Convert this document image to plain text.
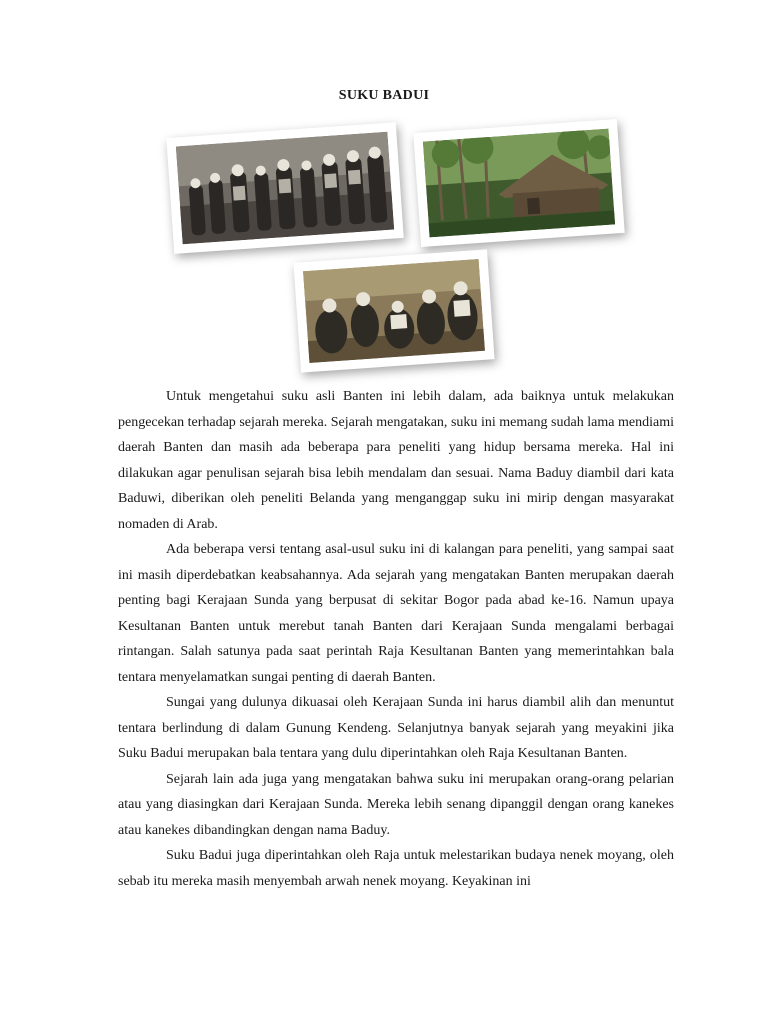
SUKU BADUI

Untuk mengetahui suku asli Banten ini lebih dalam, ada baiknya untuk melakukan pengecekan terhadap sejarah mereka. Sejarah mengatakan, suku ini memang sudah lama mendiami daerah Banten dan masih ada beberapa para peneliti yang hidup bersama mereka. Hal ini dilakukan agar penulisan sejarah bisa lebih mendalam dan sesuai. Nama Baduy diambil dari kata Baduwi, diberikan oleh peneliti Belanda yang menganggap suku ini mirip dengan masyarakat nomaden di Arab.

Ada beberapa versi tentang asal-usul suku ini di kalangan para peneliti, yang sampai saat ini masih diperdebatkan keabsahannya. Ada sejarah yang mengatakan Banten merupakan daerah penting bagi Kerajaan Sunda yang berpusat di sekitar Bogor pada abad ke-16. Namun upaya Kesultanan Banten untuk merebut tanah Banten dari Kerajaan Sunda mengalami berbagai rintangan. Salah satunya pada saat perintah Raja Kesultanan Banten yang memerintahkan bala tentara menyelamatkan sungai penting di daerah Banten.

Sungai yang dulunya dikuasai oleh Kerajaan Sunda ini harus diambil alih dan menuntut tentara berlindung di dalam Gunung Kendeng. Selanjutnya banyak sejarah yang meyakini jika Suku Badui merupakan bala tentara yang dulu diperintahkan oleh Raja Kesultanan Banten.

Sejarah lain ada juga yang mengatakan bahwa suku ini merupakan orang-orang pelarian atau yang diasingkan dari Kerajaan Sunda. Mereka lebih senang dipanggil dengan orang kanekes atau kanekes dibandingkan dengan nama Baduy.

Suku Badui juga diperintahkan oleh Raja untuk melestarikan budaya nenek moyang, oleh sebab itu mereka masih menyembah arwah nenek moyang. Keyakinan ini
